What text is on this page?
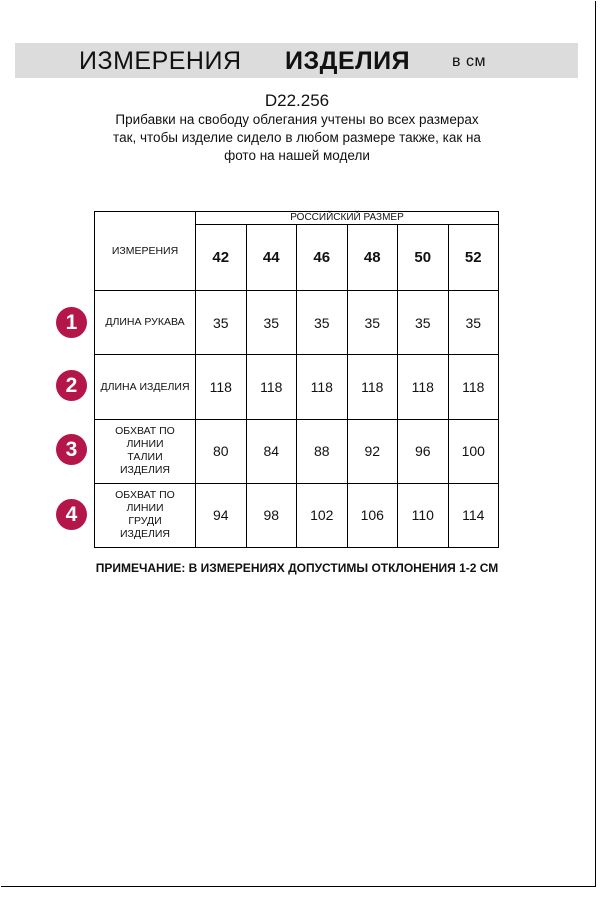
ИЗМЕРЕНИЯ ИЗДЕЛИЯ	в см
D22.256
Прибавки на свободу облегания учтены во всех размерах
так, чтобы изделие сидело в любом размере также, как на
фото на нашей модели
ИЗМЕРЕНИЯ	РОССИЙСКИЙ РАЗМЕР					
	42	44	46	48	50	52
ДЛИНА РУКАВА	35	35	35	35	35	35
ДЛИНА ИЗДЕЛИЯ	118	118	118	118	118	118

ОБХВАТ ПО ЛИНИИ ТАЛИИ ИЗДЕЛИЯ	80	84	88	92	96	100

ОБХВАТ ПО ЛИНИИ ГРУДИ ИЗДЕЛИЯ	94	98	102	106	110	114
1
2
3
4
ПРИМЕЧАНИЕ: В ИЗМЕРЕНИЯХ ДОПУСТИМЫ ОТКЛОНЕНИЯ 1-2 СМ
